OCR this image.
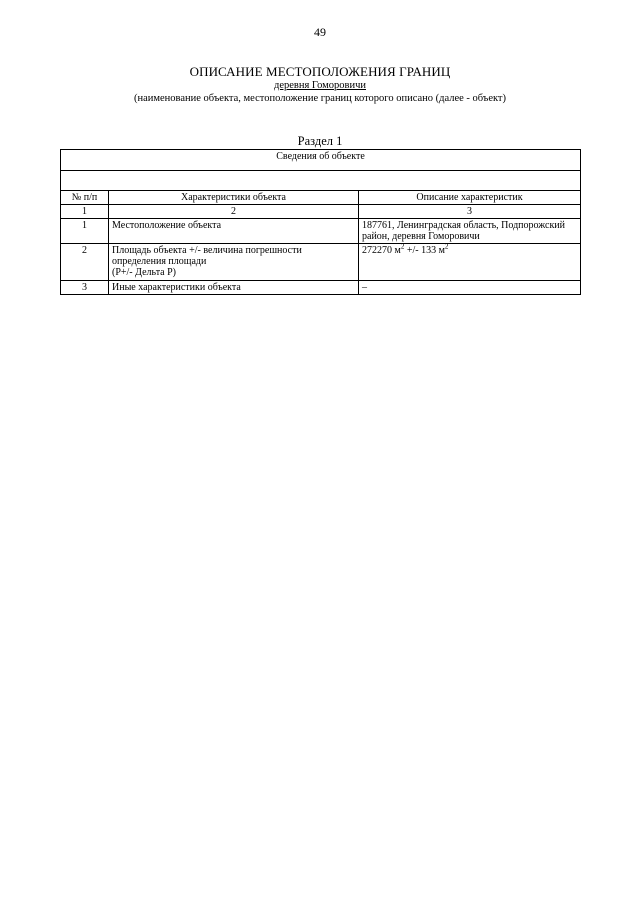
49
ОПИСАНИЕ МЕСТОПОЛОЖЕНИЯ ГРАНИЦ
деревня Гоморовичи
(наименование объекта, местоположение границ которого описано (далее - объект)
Раздел 1
Сведения об объекте		

№ п/п	Характеристики объекта	Описание характеристик
1	2	3
1	Местоположение объекта	187761, Ленинградская область, Подпорожский район, деревня Гоморовичи
2	Площадь объекта +/- величина погрешности
определения площади
(P+/- Дельта P)	272270 $м^2$ +/- 133 $м^2$
3	Иные характеристики объекта	–
